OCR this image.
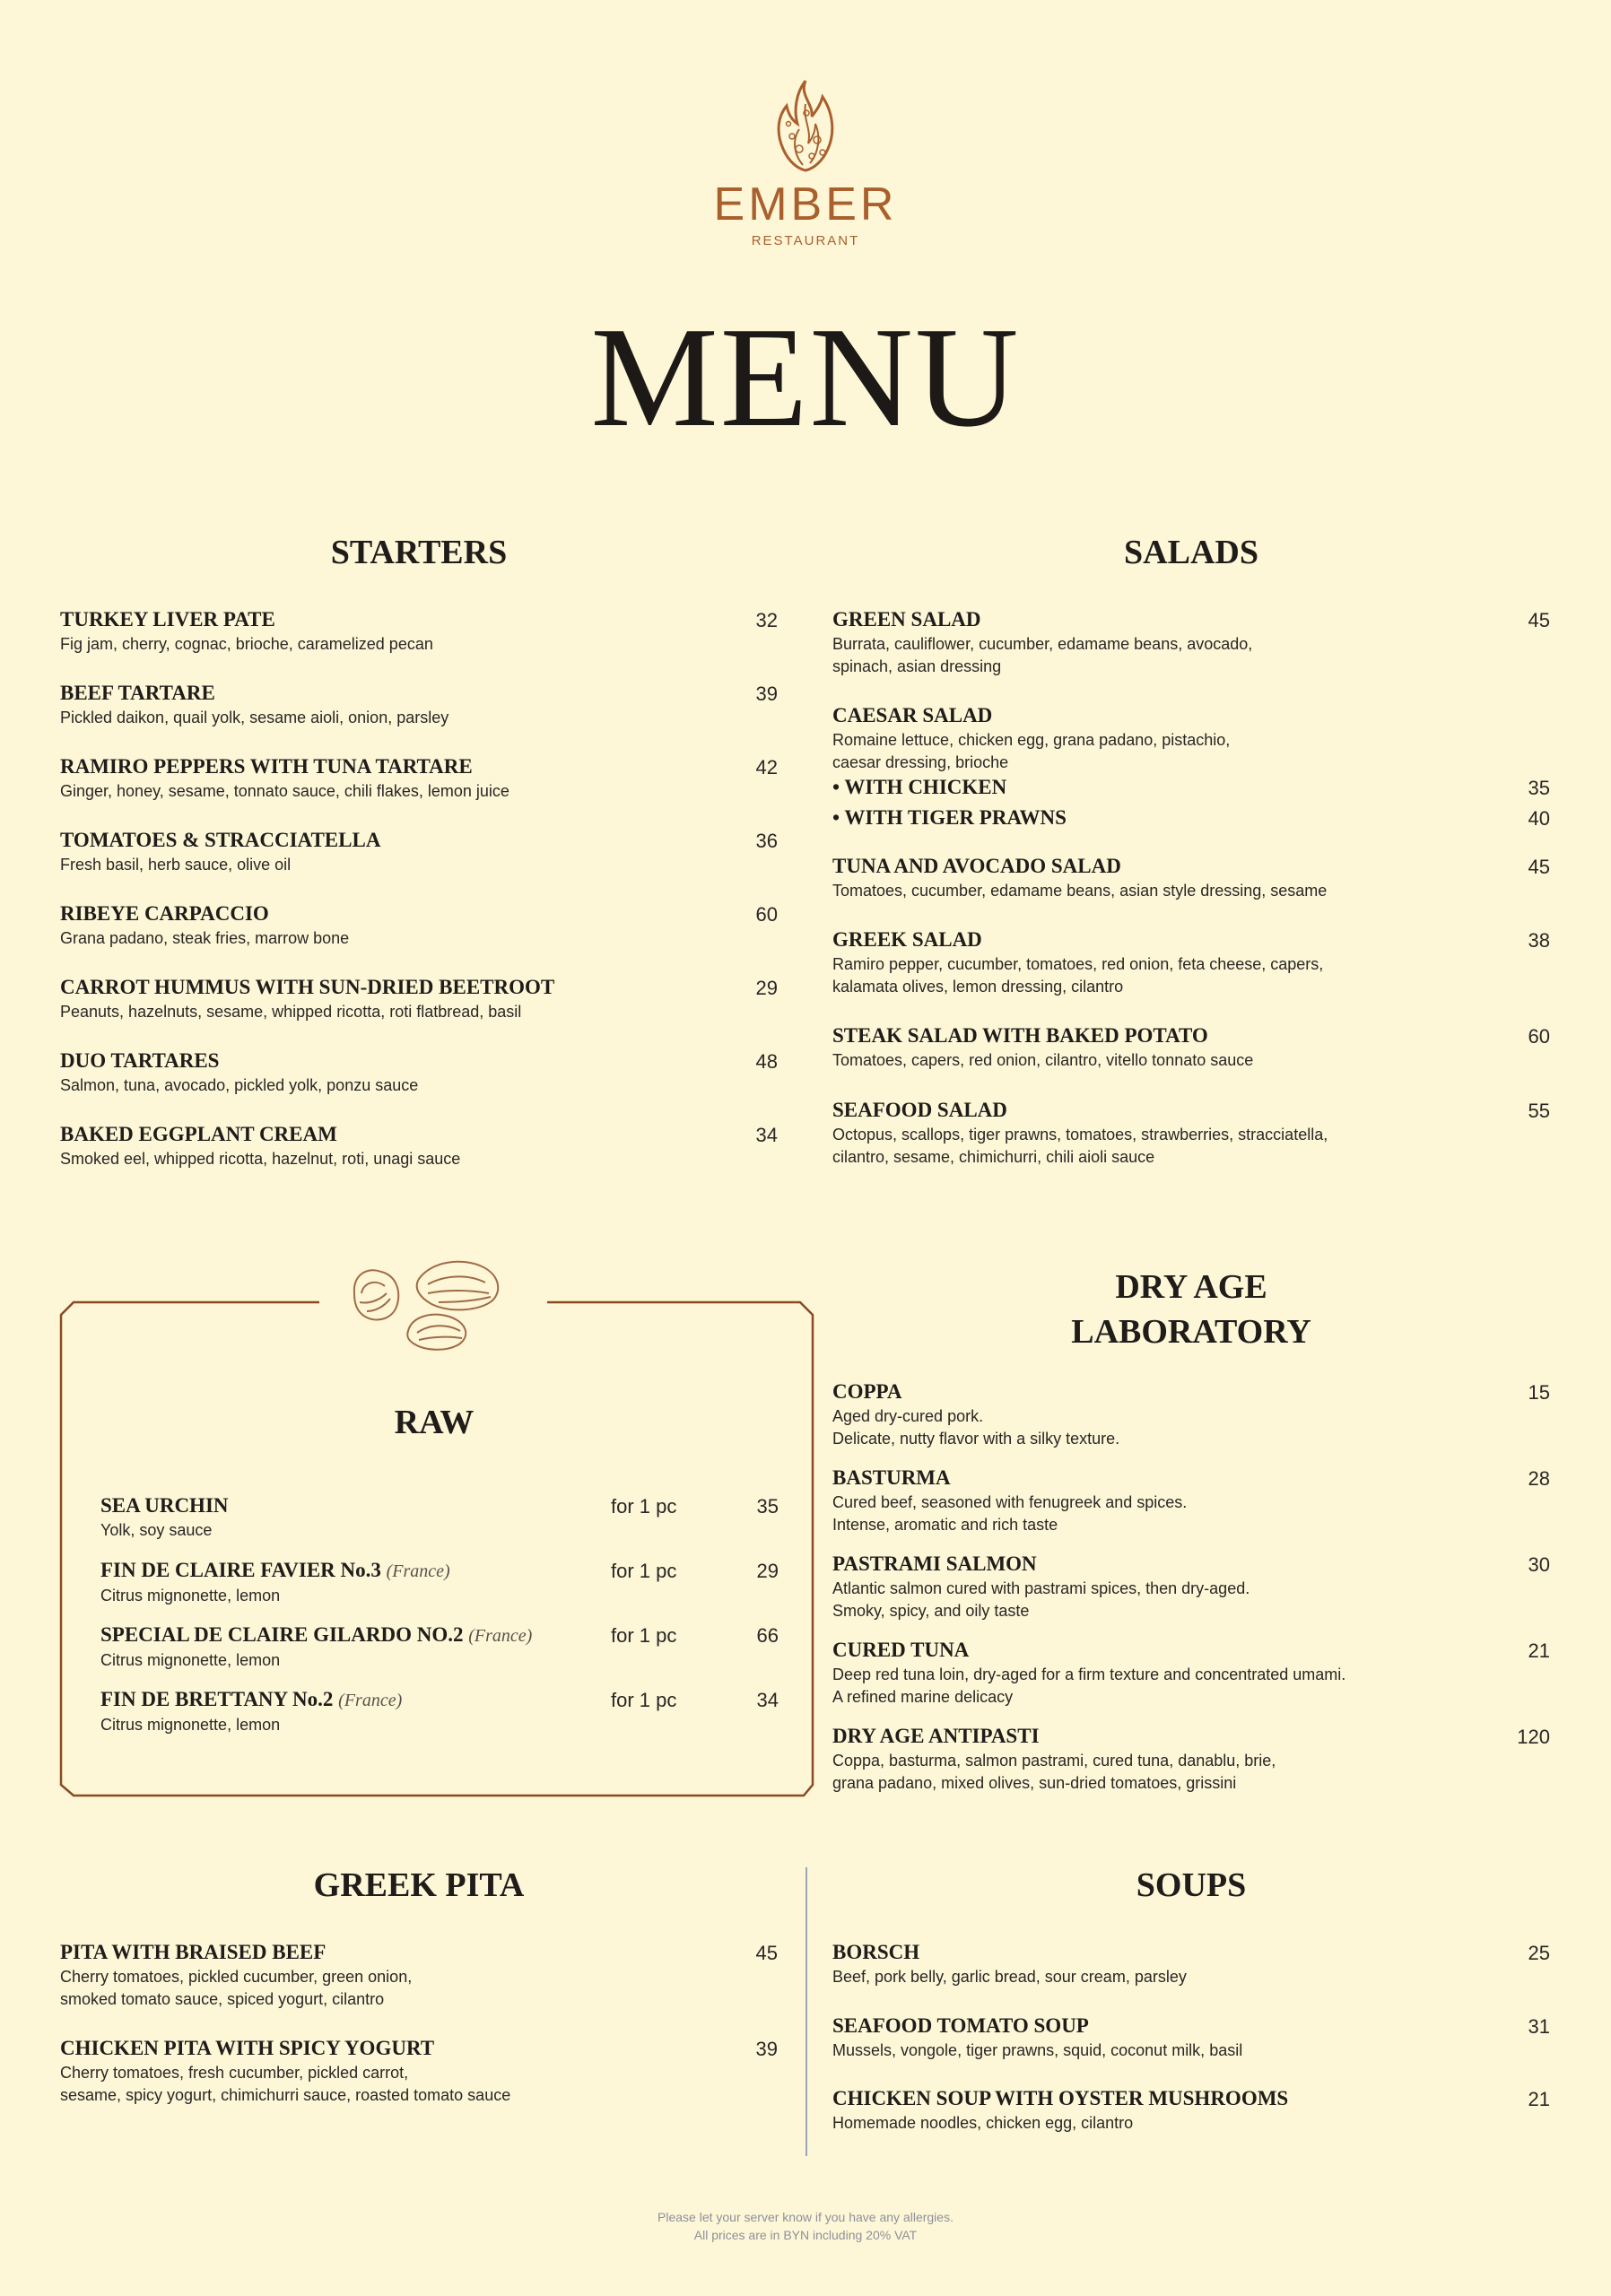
EMBER
RESTAURANT
MENU
STARTERS
TURKEY LIVER PATE
Fig jam, cherry, cognac, brioche, caramelized pecan
32
BEEF TARTARE
Pickled daikon, quail yolk, sesame aioli, onion, parsley
39
RAMIRO PEPPERS WITH TUNA TARTARE
Ginger, honey, sesame, tonnato sauce, chili flakes, lemon juice
42
TOMATOES & STRACCIATELLA
Fresh basil, herb sauce, olive oil
36
RIBEYE CARPACCIO
Grana padano, steak fries, marrow bone
60
CARROT HUMMUS WITH SUN-DRIED BEETROOT
Peanuts, hazelnuts, sesame, whipped ricotta, roti flatbread, basil
29
DUO TARTARES
Salmon, tuna, avocado, pickled yolk, ponzu sauce
48
BAKED EGGPLANT CREAM
Smoked eel, whipped ricotta, hazelnut, roti, unagi sauce
34
SALADS
GREEN SALAD
Burrata, cauliflower, cucumber, edamame beans, avocado,
spinach, asian dressing
45
CAESAR SALAD
Romaine lettuce, chicken egg, grana padano, pistachio,
caesar dressing, brioche
• WITH CHICKEN	35
• WITH TIGER PRAWNS	40
TUNA AND AVOCADO SALAD
Tomatoes, cucumber, edamame beans, asian style dressing, sesame
45
GREEK SALAD
Ramiro pepper, cucumber, tomatoes, red onion, feta cheese, capers,
kalamata olives, lemon dressing, cilantro
38
STEAK SALAD WITH BAKED POTATO
Tomatoes, capers, red onion, cilantro, vitello tonnato sauce
60
SEAFOOD SALAD
Octopus, scallops, tiger prawns, tomatoes, strawberries, stracciatella,
cilantro, sesame, chimichurri, chili aioli sauce
55
RAW
SEA URCHIN
Yolk, soy sauce
for 1 pc	35
FIN DE CLAIRE FAVIER No.3 (France)
Citrus mignonette, lemon
for 1 pc	29
SPECIAL DE CLAIRE GILARDO NO.2 (France)
Citrus mignonette, lemon
for 1 pc	66
FIN DE BRETTANY No.2 (France)
Citrus mignonette, lemon
for 1 pc	34
DRY AGE
LABORATORY
COPPA
Aged dry-cured pork.
Delicate, nutty flavor with a silky texture.
15
BASTURMA
Cured beef, seasoned with fenugreek and spices.
Intense, aromatic and rich taste
28
PASTRAMI SALMON
Atlantic salmon cured with pastrami spices, then dry-aged.
Smoky, spicy, and oily taste
30
CURED TUNA
Deep red tuna loin, dry-aged for a firm texture and concentrated umami.
A refined marine delicacy
21
DRY AGE ANTIPASTI
Coppa, basturma, salmon pastrami, cured tuna, danablu, brie,
grana padano, mixed olives, sun-dried tomatoes, grissini
120
GREEK PITA
PITA WITH BRAISED BEEF
Cherry tomatoes, pickled cucumber, green onion,
smoked tomato sauce, spiced yogurt, cilantro
45
CHICKEN PITA WITH SPICY YOGURT
Cherry tomatoes, fresh cucumber, pickled carrot,
sesame, spicy yogurt, chimichurri sauce, roasted tomato sauce
39
SOUPS
BORSCH
Beef, pork belly, garlic bread, sour cream, parsley
25
SEAFOOD TOMATO SOUP
Mussels, vongole, tiger prawns, squid, coconut milk, basil
31
CHICKEN SOUP WITH OYSTER MUSHROOMS
Homemade noodles, chicken egg, cilantro
21
Please let your server know if you have any allergies.
All prices are in BYN including 20% VAT
